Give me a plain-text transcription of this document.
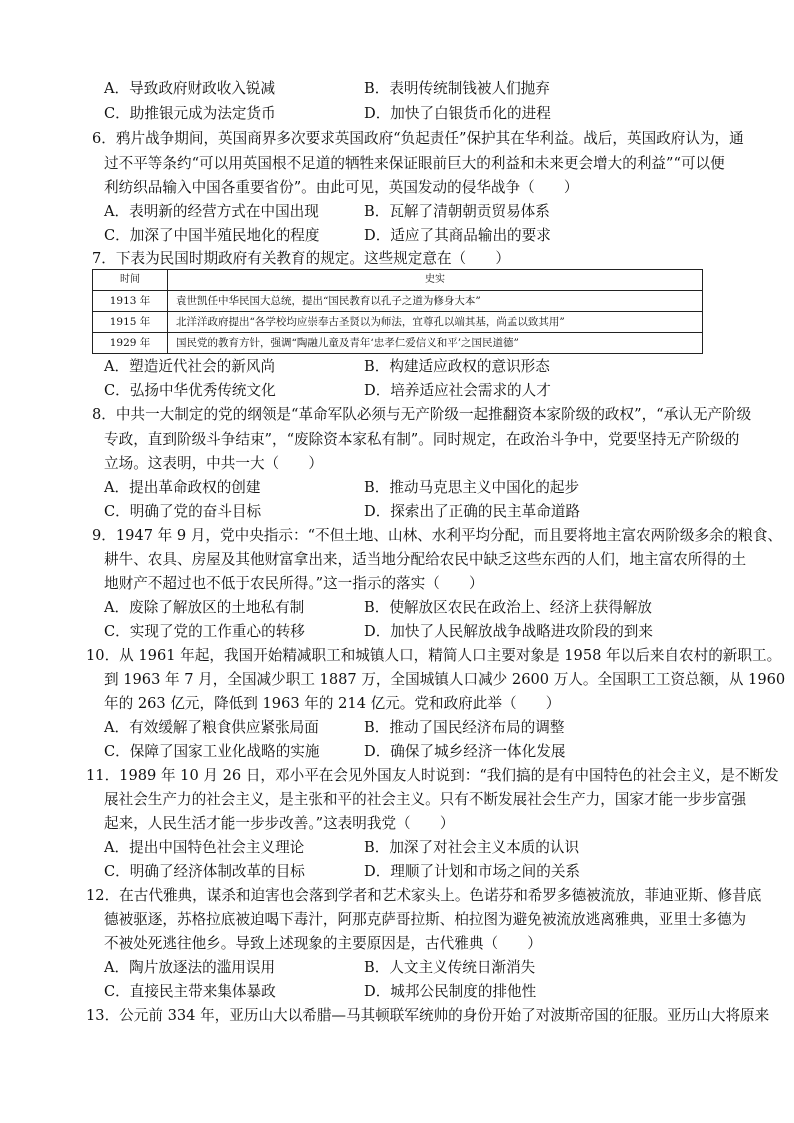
A．导致政府财政收入锐减	B．表明传统制钱被人们抛弃
C．助推银元成为法定货币	D．加快了白银货币化的进程
6．鸦片战争期间，英国商界多次要求英国政府“负起责任”保护其在华利益。战后，英国政府认为，通
过不平等条约“可以用英国根不足道的牺牲来保证眼前巨大的利益和未来更会增大的利益”“可以便
利纺织品输入中国各重要省份”。由此可见，英国发动的侵华战争（　　）
A．表明新的经营方式在中国出现	B．瓦解了清朝朝贡贸易体系
C．加深了中国半殖民地化的程度	D．适应了其商品输出的要求
7．下表为民国时期政府有关教育的规定。这些规定意在（　　）
时间	史实
1913 年	袁世凯任中华民国大总统，提出“国民教育以孔子之道为修身大本”
1915 年	北洋洋政府提出“各学校均应崇奉古圣贤以为师法，宜尊孔以端其基，尚孟以致其用”
1929 年	国民党的教育方针，强调“陶融儿童及青年‘忠孝仁爱信义和平’之国民道德”
A．塑造近代社会的新风尚	B．构建适应政权的意识形态
C．弘扬中华优秀传统文化	D．培养适应社会需求的人才
8．中共一大制定的党的纲领是“革命军队必须与无产阶级一起推翻资本家阶级的政权”，“承认无产阶级
专政，直到阶级斗争结束”，“废除资本家私有制”。同时规定，在政治斗争中，党要坚持无产阶级的
立场。这表明，中共一大（　　）
A．提出革命政权的创建	B．推动马克思主义中国化的起步
C．明确了党的奋斗目标	D．探索出了正确的民主革命道路
9．1947 年 9 月，党中央指示：“不但土地、山林、水利平均分配，而且要将地主富农两阶级多余的粮食、
耕牛、农具、房屋及其他财富拿出来，适当地分配给农民中缺乏这些东西的人们，地主富农所得的土
地财产不超过也不低于农民所得。”这一指示的落实（　　）
A．废除了解放区的土地私有制	B．使解放区农民在政治上、经济上获得解放
C．实现了党的工作重心的转移	D．加快了人民解放战争战略进攻阶段的到来
10．从 1961 年起，我国开始精减职工和城镇人口，精简人口主要对象是 1958 年以后来自农村的新职工。
到 1963 年 7 月，全国减少职工 1887 万，全国城镇人口减少 2600 万人。全国职工工资总额，从 1960
年的 263 亿元，降低到 1963 年的 214 亿元。党和政府此举（　　）
A．有效缓解了粮食供应紧张局面	B．推动了国民经济布局的调整
C．保障了国家工业化战略的实施	D．确保了城乡经济一体化发展
11．1989 年 10 月 26 日，邓小平在会见外国友人时说到：“我们搞的是有中国特色的社会主义，是不断发
展社会生产力的社会主义，是主张和平的社会主义。只有不断发展社会生产力，国家才能一步步富强
起来，人民生活才能一步步改善。”这表明我党（　　）
A．提出中国特色社会主义理论	B．加深了对社会主义本质的认识
C．明确了经济体制改革的目标	D．理顺了计划和市场之间的关系
12．在古代雅典，谋杀和迫害也会落到学者和艺术家头上。色诺芬和希罗多德被流放，菲迪亚斯、修昔底
德被驱逐，苏格拉底被迫喝下毒汁，阿那克萨哥拉斯、柏拉图为避免被流放逃离雅典，亚里士多德为
不被处死逃往他乡。导致上述现象的主要原因是，古代雅典（　　）
A．陶片放逐法的滥用误用	B．人文主义传统日渐消失
C．直接民主带来集体暴政	D．城邦公民制度的排他性
13．公元前 334 年，亚历山大以希腊—马其顿联军统帅的身份开始了对波斯帝国的征服。亚历山大将原来
